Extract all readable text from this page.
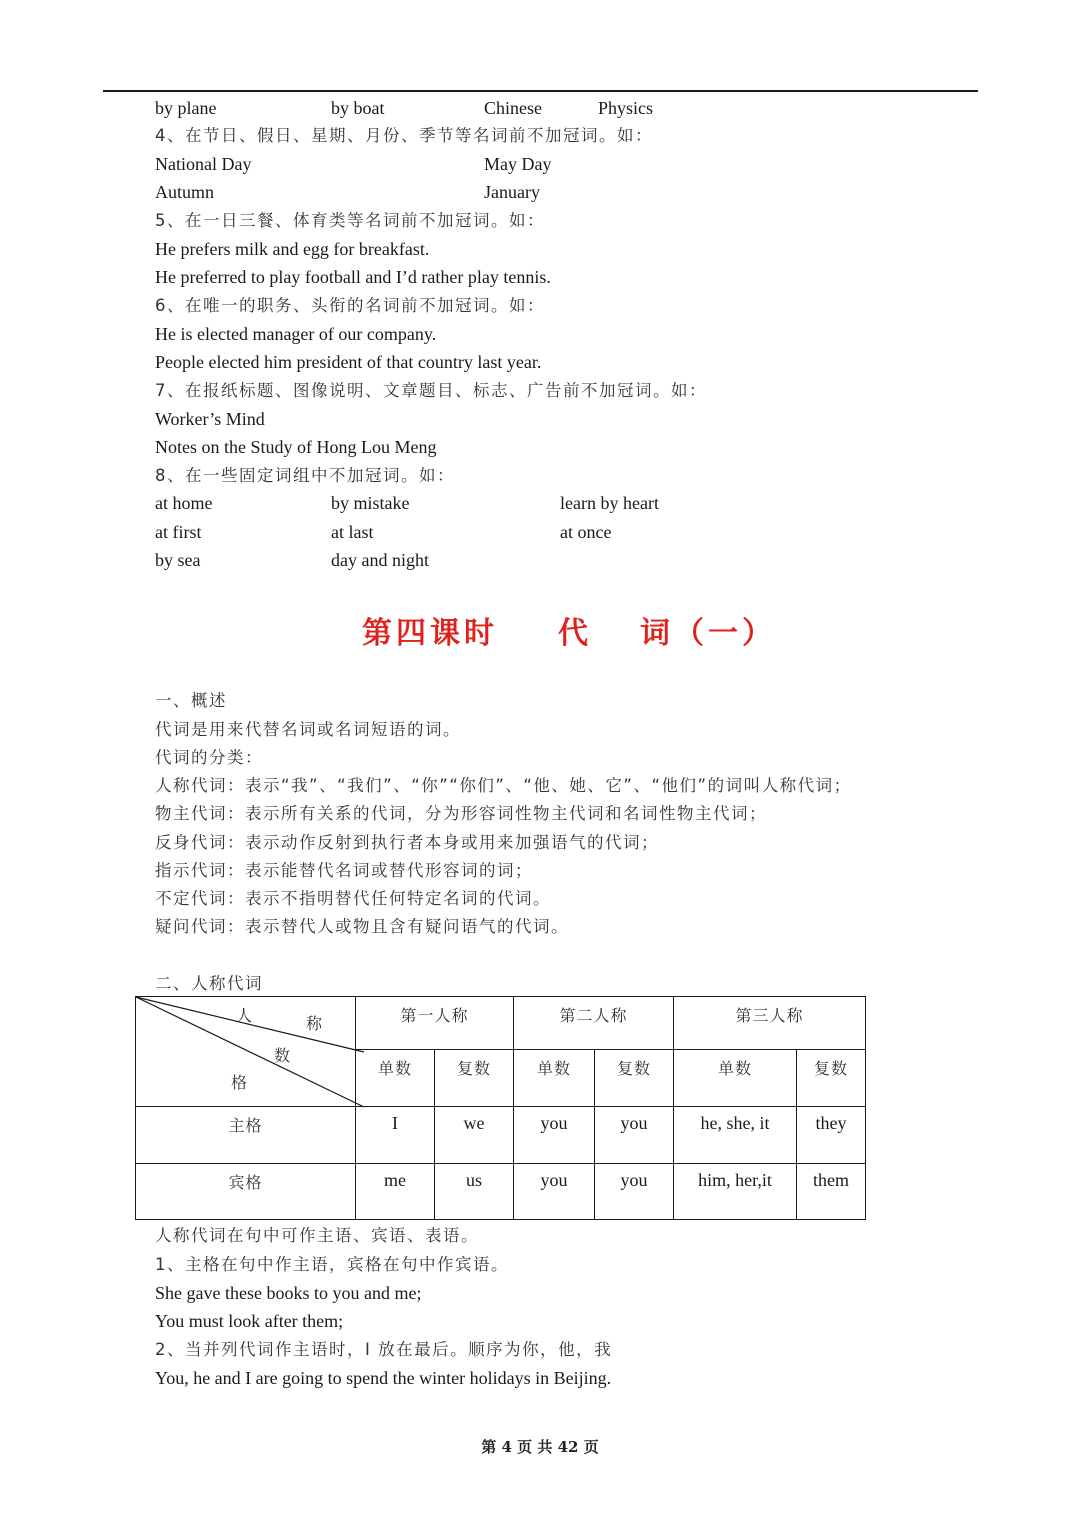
by plane	by boat	Chinese	Physics
4、在节日、假日、星期、月份、季节等名词前不加冠词。如：
National Day	May Day
Autumn	January
5、在一日三餐、体育类等名词前不加冠词。如：
He prefers milk and egg for breakfast.
He preferred to play football and I’d rather play tennis.
6、在唯一的职务、头衔的名词前不加冠词。如：
He is elected manager of our company.
People elected him president of that country last year.
7、在报纸标题、图像说明、文章题目、标志、广告前不加冠词。如：
Worker’s Mind
Notes on the Study of Hong Lou Meng
8、在一些固定词组中不加冠词。如：
at home	by mistake	learn by heart
at first	at last	at once
by sea	day and night
第四课时 代 词（一）
一、概述
代词是用来代替名词或名词短语的词。
代词的分类：
人称代词：表示“我”、“我们”、“你”“你们”、“他、她、它”、“他们”的词叫人称代词；
物主代词：表示所有关系的代词，分为形容词性物主代词和名词性物主代词；
反身代词：表示动作反射到执行者本身或用来加强语气的代词；
指示代词：表示能替代名词或替代形容词的词；
不定代词：表示不指明替代任何特定名词的代词。
疑问代词：表示替代人或物且含有疑问语气的代词。
二、人称代词
人 称
数
格	第一人称		第二人称		第三人称	
	单数	复数	单数	复数	单数	复数
主格	I	we	you	you	he, she, it	they
宾格	me	us	you	you	him, her,it	them
人称代词在句中可作主语、宾语、表语。
1、主格在句中作主语，宾格在句中作宾语。
She gave these books to you and me;
You must look after them;
2、当并列代词作主语时，I 放在最后。顺序为你，他，我
You, he and I are going to spend the winter holidays in Beijing.
第 4 页 共 42 页
